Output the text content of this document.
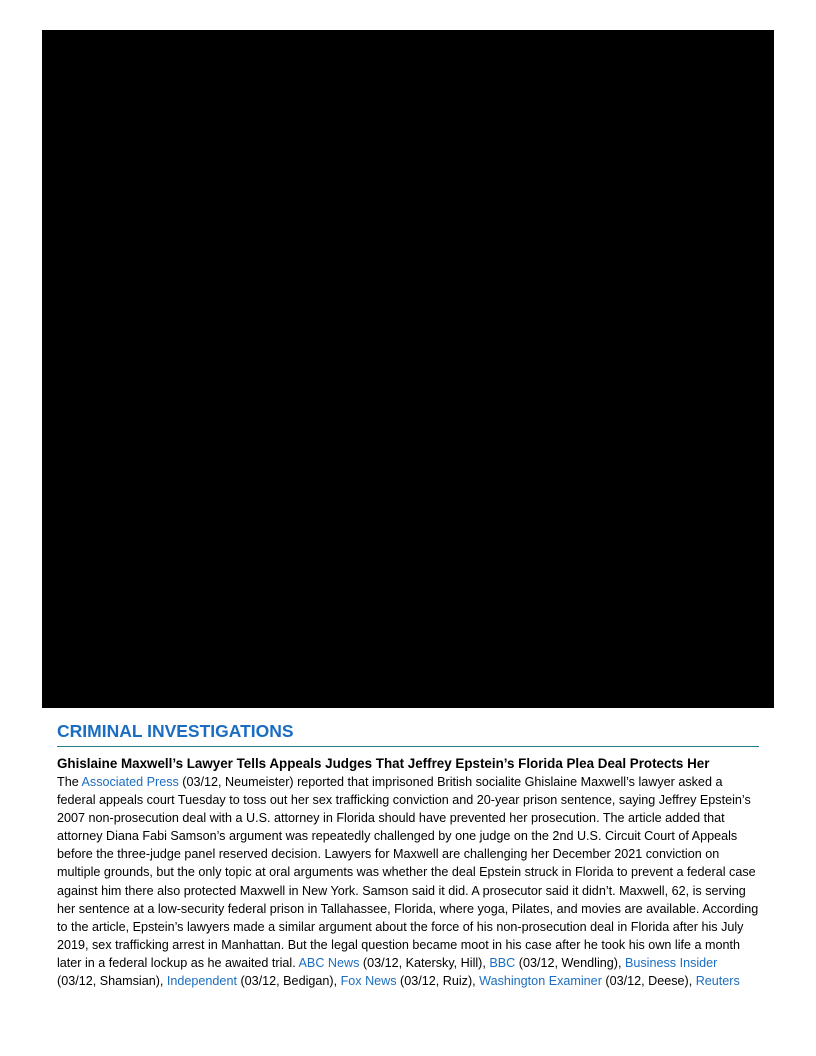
CRIMINAL INVESTIGATIONS
Ghislaine Maxwell’s Lawyer Tells Appeals Judges That Jeffrey Epstein’s Florida Plea Deal Protects Her

The Associated Press (03/12, Neumeister) reported that imprisoned British socialite Ghislaine Maxwell’s lawyer asked a federal appeals court Tuesday to toss out her sex trafficking conviction and 20-year prison sentence, saying Jeffrey Epstein’s 2007 non-prosecution deal with a U.S. attorney in Florida should have prevented her prosecution. The article added that attorney Diana Fabi Samson’s argument was repeatedly challenged by one judge on the 2nd U.S. Circuit Court of Appeals before the three-judge panel reserved decision. Lawyers for Maxwell are challenging her December 2021 conviction on multiple grounds, but the only topic at oral arguments was whether the deal Epstein struck in Florida to prevent a federal case against him there also protected Maxwell in New York. Samson said it did. A prosecutor said it didn’t. Maxwell, 62, is serving her sentence at a low-security federal prison in Tallahassee, Florida, where yoga, Pilates, and movies are available. According to the article, Epstein’s lawyers made a similar argument about the force of his non-prosecution deal in Florida after his July 2019, sex trafficking arrest in Manhattan. But the legal question became moot in his case after he took his own life a month later in a federal lockup as he awaited trial. ABC News (03/12, Katersky, Hill), BBC (03/12, Wendling), Business Insider (03/12, Shamsian), Independent (03/12, Bedigan), Fox News (03/12, Ruiz), Washington Examiner (03/12, Deese), Reuters
